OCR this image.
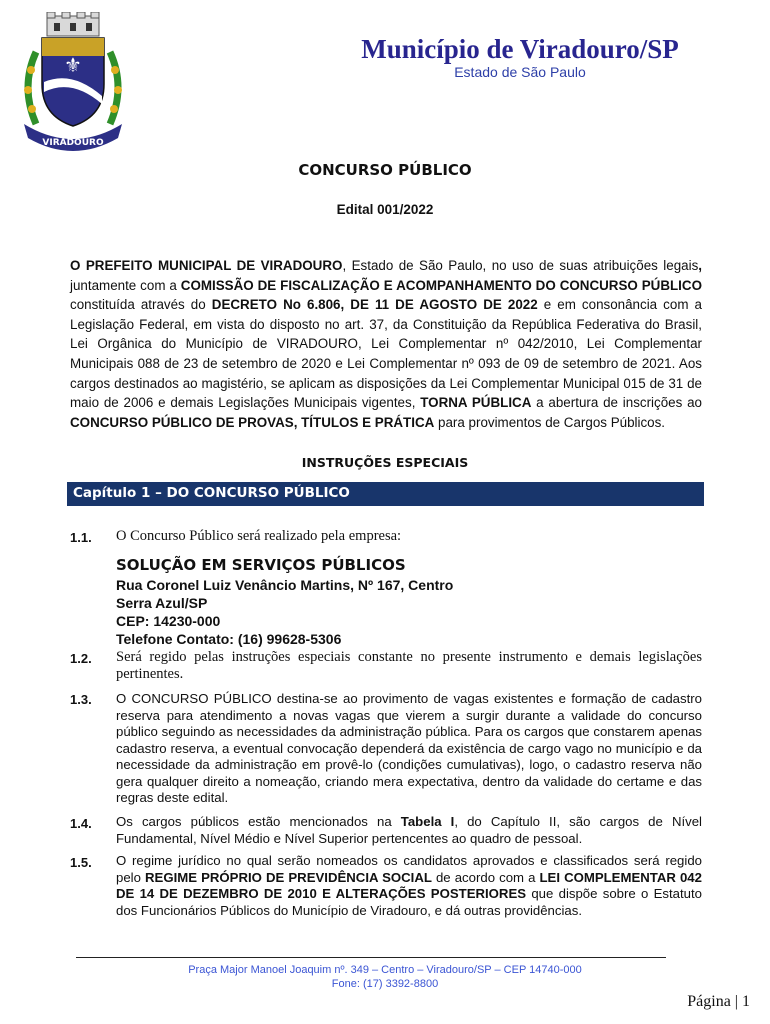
⚜
VIRADOURO
Município de Viradouro/SP
Estado de São Paulo
CONCURSO PÚBLICO
Edital 001/2022

O PREFEITO MUNICIPAL DE VIRADOURO, Estado de São Paulo, no uso de suas atribuições legais, juntamente com a COMISSÃO DE FISCALIZAÇÃO E ACOMPANHAMENTO DO CONCURSO PÚBLICO constituída através do DECRETO No 6.806, DE 11 DE AGOSTO DE 2022 e em consonância com a Legislação Federal, em vista do disposto no art. 37, da Constituição da República Federativa do Brasil, Lei Orgânica do Município de VIRADOURO, Lei Complementar nº 042/2010, Lei Complementar Municipais 088 de 23 de setembro de 2020 e Lei Complementar nº 093 de 09 de setembro de 2021. Aos cargos destinados ao magistério, se aplicam as disposições da Lei Complementar Municipal 015 de 31 de maio de 2006 e demais Legislações Municipais vigentes, TORNA PÚBLICA a abertura de inscrições ao CONCURSO PÚBLICO DE PROVAS, TÍTULOS E PRÁTICA para provimentos de Cargos Públicos.

INSTRUÇÕES ESPECIAIS
Capítulo 1 – DO CONCURSO PÚBLICO
1.1. O Concurso Público será realizado pela empresa:

SOLUÇÃO EM SERVIÇOS PÚBLICOS
Rua Coronel Luiz Venâncio Martins, Nº 167, Centro
Serra Azul/SP
CEP: 14230-000
Telefone Contato: (16) 99628-5306
1.2. Será regido pelas instruções especiais constante no presente instrumento e demais legislações pertinentes.

1.3. O CONCURSO PÚBLICO destina-se ao provimento de vagas existentes e formação de cadastro reserva para atendimento a novas vagas que vierem a surgir durante a validade do concurso público seguindo as necessidades da administração pública. Para os cargos que constarem apenas cadastro reserva, a eventual convocação dependerá da existência de cargo vago no município e da necessidade da administração em provê-lo (condições cumulativas), logo, o cadastro reserva não gera qualquer direito a nomeação, criando mera expectativa, dentro da validade do certame e das regras deste edital.

1.4. Os cargos públicos estão mencionados na Tabela I, do Capítulo II, são cargos de Nível Fundamental, Nível Médio e Nível Superior pertencentes ao quadro de pessoal.

1.5. O regime jurídico no qual serão nomeados os candidatos aprovados e classificados será regido pelo REGIME PRÓPRIO DE PREVIDÊNCIA SOCIAL de acordo com a LEI COMPLEMENTAR 042 DE 14 DE DEZEMBRO DE 2010 E ALTERAÇÕES POSTERIORES que dispõe sobre o Estatuto dos Funcionários Públicos do Município de Viradouro, e dá outras providências.

Praça Major Manoel Joaquim nº. 349 – Centro – Viradouro/SP – CEP 14740-000
Fone: (17) 3392-8800
Página | 1
